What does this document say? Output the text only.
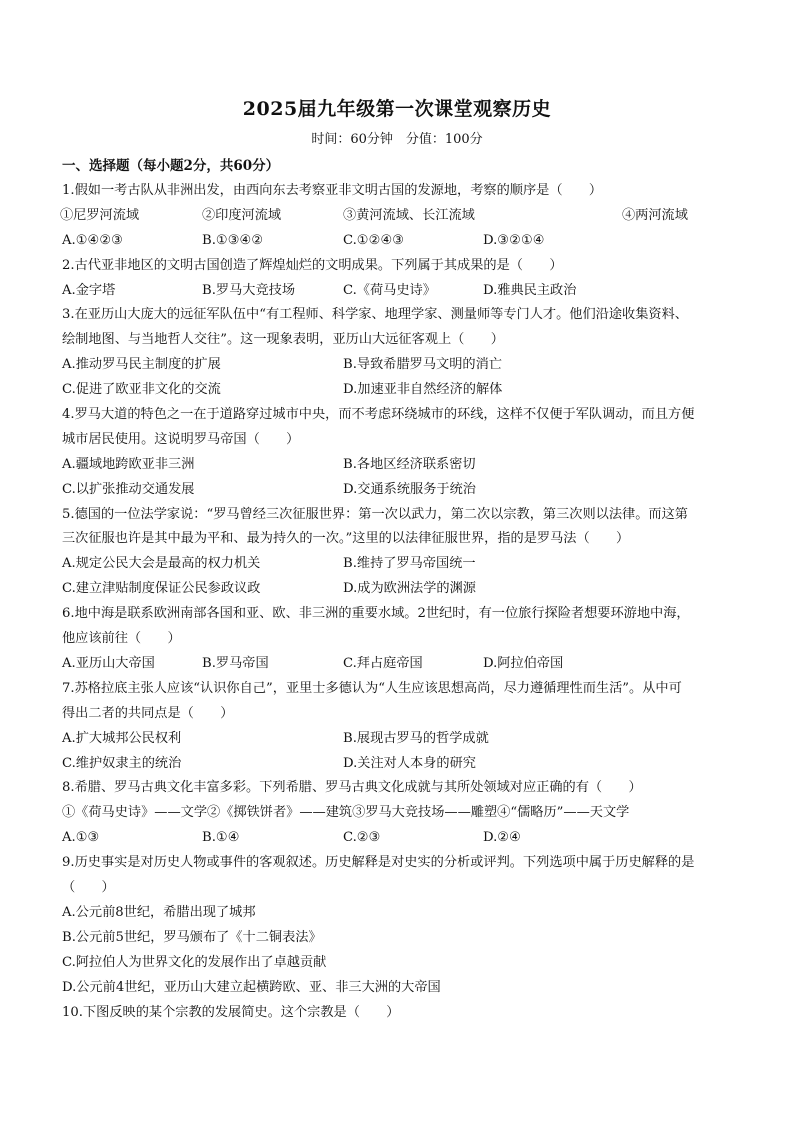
2025届九年级第一次课堂观察历史
时间：60分钟　分值：100分
一、选择题（每小题2分，共60分）
1.假如一考古队从非洲出发，由西向东去考察亚非文明古国的发源地，考察的顺序是（　　）
①尼罗河流域	②印度河流域	③黄河流域、长江流域	④两河流域
A.①④②③	B.①③④②	C.①②④③	D.③②①④
2.古代亚非地区的文明古国创造了辉煌灿烂的文明成果。下列属于其成果的是（　　）
A.金字塔	B.罗马大竞技场	C.《荷马史诗》	D.雅典民主政治
3.在亚历山大庞大的远征军队伍中“有工程师、科学家、地理学家、测量师等专门人才。他们沿途收集资料、
绘制地图、与当地哲人交往”。这一现象表明，亚历山大远征客观上（　　）
A.推动罗马民主制度的扩展	B.导致希腊罗马文明的消亡
C.促进了欧亚非文化的交流	D.加速亚非自然经济的解体
4.罗马大道的特色之一在于道路穿过城市中央，而不考虑环绕城市的环线，这样不仅便于军队调动，而且方便
城市居民使用。这说明罗马帝国（　　）
A.疆域地跨欧亚非三洲	B.各地区经济联系密切
C.以扩张推动交通发展	D.交通系统服务于统治
5.德国的一位法学家说：“罗马曾经三次征服世界：第一次以武力，第二次以宗教，第三次则以法律。而这第
三次征服也许是其中最为平和、最为持久的一次。”这里的以法律征服世界，指的是罗马法（　　）
A.规定公民大会是最高的权力机关	B.维持了罗马帝国统一
C.建立津贴制度保证公民参政议政	D.成为欧洲法学的渊源
6.地中海是联系欧洲南部各国和亚、欧、非三洲的重要水域。2世纪时，有一位旅行探险者想要环游地中海，
他应该前往（　　）
A.亚历山大帝国	B.罗马帝国	C.拜占庭帝国	D.阿拉伯帝国
7.苏格拉底主张人应该“认识你自己”，亚里士多德认为“人生应该思想高尚，尽力遵循理性而生活”。从中可
得出二者的共同点是（　　）
A.扩大城邦公民权利	B.展现古罗马的哲学成就
C.维护奴隶主的统治	D.关注对人本身的研究
8.希腊、罗马古典文化丰富多彩。下列希腊、罗马古典文化成就与其所处领域对应正确的有（　　）
①《荷马史诗》——文学②《掷铁饼者》——建筑③罗马大竞技场——雕塑④“儒略历”——天文学
A.①③	B.①④	C.②③	D.②④
9.历史事实是对历史人物或事件的客观叙述。历史解释是对史实的分析或评判。下列选项中属于历史解释的是
（　　）
A.公元前8世纪，希腊出现了城邦
B.公元前5世纪，罗马颁布了《十二铜表法》
C.阿拉伯人为世界文化的发展作出了卓越贡献
D.公元前4世纪，亚历山大建立起横跨欧、亚、非三大洲的大帝国
10.下图反映的某个宗教的发展简史。这个宗教是（　　）
